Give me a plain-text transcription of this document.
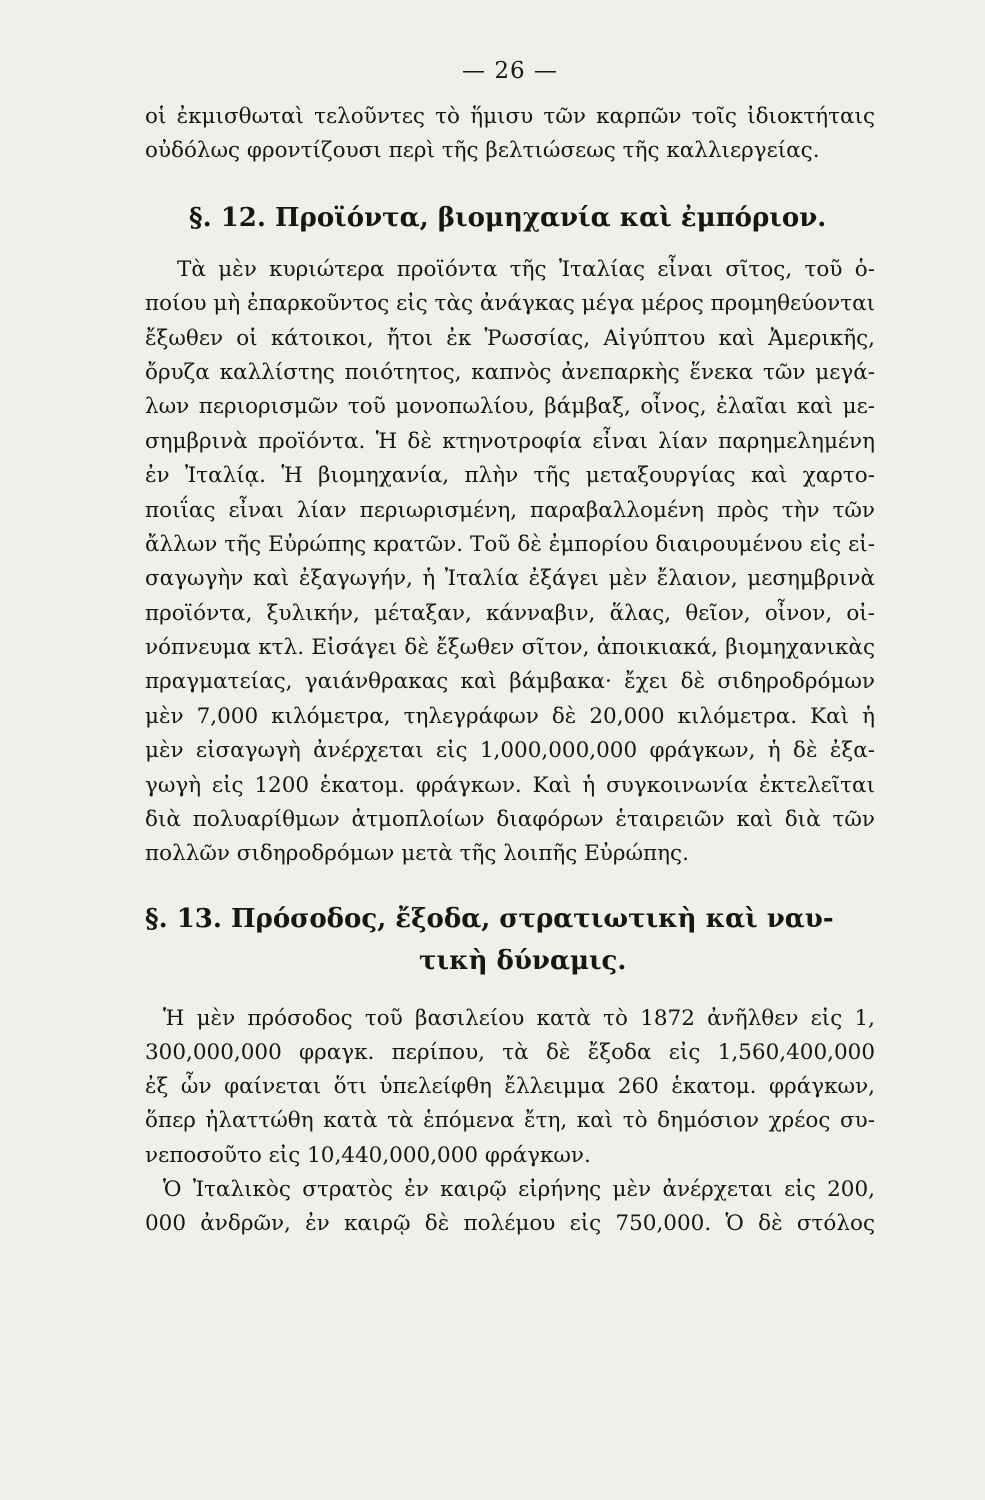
— 26 —
οἱ ἐκμισθωταὶ τελοῦντες τὸ ἥμισυ τῶν καρπῶν τοῖς ἰδιοκτήταις
οὐδόλως φροντίζουσι περὶ τῆς βελτιώσεως τῆς καλλιεργείας.
§. 12. Προϊόντα, βιομηχανία καὶ ἐμπόριον.
Τὰ μὲν κυριώτερα προϊόντα τῆς Ἰταλίας εἶναι σῖτος, τοῦ ὁ-
ποίου μὴ ἐπαρκοῦντος εἰς τὰς ἀνάγκας μέγα μέρος προμηθεύονται
ἔξωθεν οἱ κάτοικοι, ἤτοι ἐκ Ῥωσσίας, Αἰγύπτου καὶ Ἀμερικῆς,
ὄρυζα καλλίστης ποιότητος, καπνὸς ἀνεπαρκὴς ἕνεκα τῶν μεγά-
λων περιορισμῶν τοῦ μονοπωλίου, βάμβαξ, οἶνος, ἐλαῖαι καὶ με-
σημβρινὰ προϊόντα. Ἡ δὲ κτηνοτροφία εἶναι λίαν παρημελημένη
ἐν Ἰταλίᾳ. Ἡ βιομηχανία, πλὴν τῆς μεταξουργίας καὶ χαρτο-
ποιΐας εἶναι λίαν περιωρισμένη, παραβαλλομένη πρὸς τὴν τῶν
ἄλλων τῆς Εὐρώπης κρατῶν. Τοῦ δὲ ἐμπορίου διαιρουμένου εἰς εἰ-
σαγωγὴν καὶ ἐξαγωγήν, ἡ Ἰταλία ἐξάγει μὲν ἔλαιον, μεσημβρινὰ
προϊόντα, ξυλικήν, μέταξαν, κάνναβιν, ἅλας, θεῖον, οἶνον, οἰ-
νόπνευμα κτλ. Εἰσάγει δὲ ἔξωθεν σῖτον, ἀποικιακά, βιομηχανικὰς
πραγματείας, γαιάνθρακας καὶ βάμβακα· ἔχει δὲ σιδηροδρόμων
μὲν 7,000 κιλόμετρα, τηλεγράφων δὲ 20,000 κιλόμετρα. Καὶ ἡ
μὲν εἰσαγωγὴ ἀνέρχεται εἰς 1,000,000,000 φράγκων, ἡ δὲ ἐξα-
γωγὴ εἰς 1200 ἑκατομ. φράγκων. Καὶ ἡ συγκοινωνία ἐκτελεῖται
διὰ πολυαρίθμων ἀτμοπλοίων διαφόρων ἑταιρειῶν καὶ διὰ τῶν
πολλῶν σιδηροδρόμων μετὰ τῆς λοιπῆς Εὐρώπης.
§. 13. Πρόσοδος, ἔξοδα, στρατιωτικὴ καὶ ναυ-
τικὴ δύναμις.
Ἡ μὲν πρόσοδος τοῦ βασιλείου κατὰ τὸ 1872 ἀνῆλθεν εἰς 1,
300,000,000 φραγκ. περίπου, τὰ δὲ ἔξοδα εἰς 1,560,400,000
ἐξ ὧν φαίνεται ὅτι ὑπελείφθη ἔλλειμμα 260 ἑκατομ. φράγκων,
ὅπερ ἠλαττώθη κατὰ τὰ ἑπόμενα ἔτη, καὶ τὸ δημόσιον χρέος συ-
νεποσοῦτο εἰς 10,440,000,000 φράγκων.
Ὁ Ἰταλικὸς στρατὸς ἐν καιρῷ εἰρήνης μὲν ἀνέρχεται εἰς 200,
000 ἀνδρῶν, ἐν καιρῷ δὲ πολέμου εἰς 750,000. Ὁ δὲ στόλος
